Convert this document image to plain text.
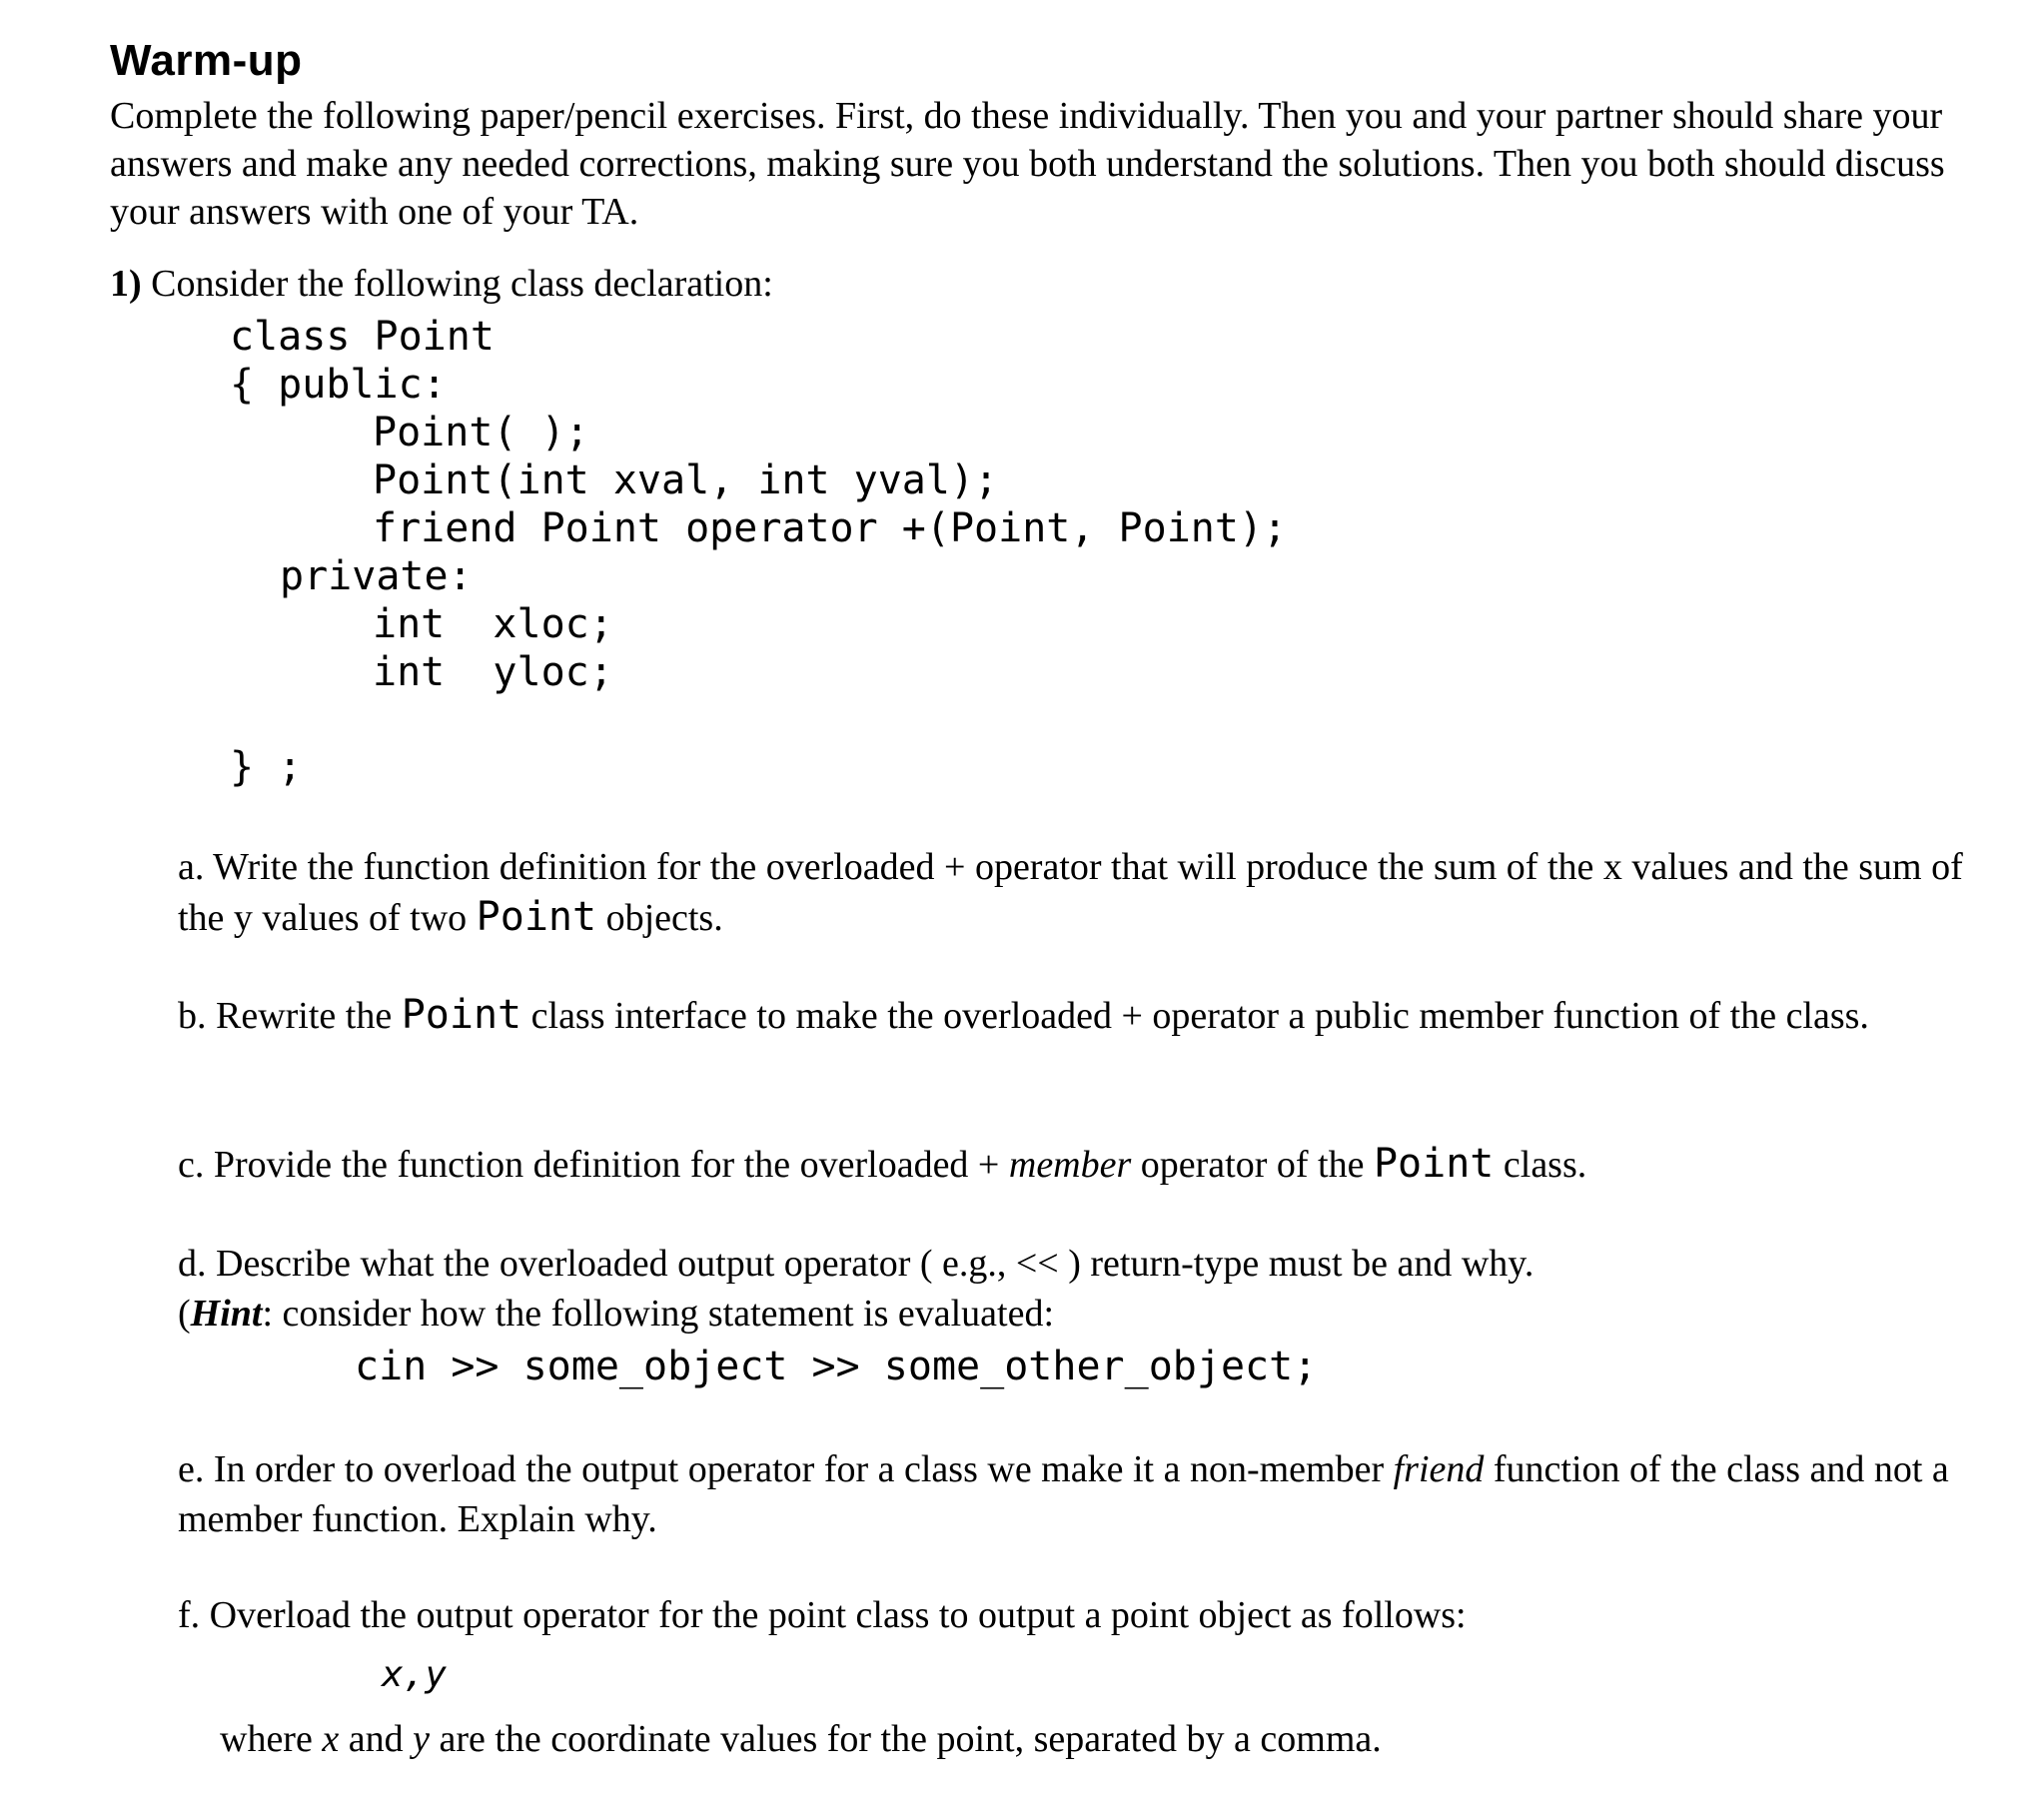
Warm-up
Complete the following paper/pencil exercises. First, do these individually. Then you and your partner should share your answers and make any needed corrections, making sure you both understand the solutions. Then you both should discuss your answers with one of your TA.
1) Consider the following class declaration:
class Point
{ public:
Point( );
Point(int xval, int yval);
friend Point operator +(Point, Point);
private:
int  xloc;
int  yloc;
} ;
a. Write the function definition for the overloaded + operator that will produce the sum of the x values and the sum of the y values of two Point objects.
b. Rewrite the Point class interface to make the overloaded + operator a public member function of the class.
c. Provide the function definition for the overloaded + member operator of the Point class.
d. Describe what the overloaded output operator ( e.g., << ) return-type must be and why.
(Hint: consider how the following statement is evaluated:
cin >> some_object >> some_other_object;
e. In order to overload the output operator for a class we make it a non-member friend function of the class and not a member function. Explain why.
f. Overload the output operator for the point class to output a point object as follows:
x,y
where x and y are the coordinate values for the point, separated by a comma.
